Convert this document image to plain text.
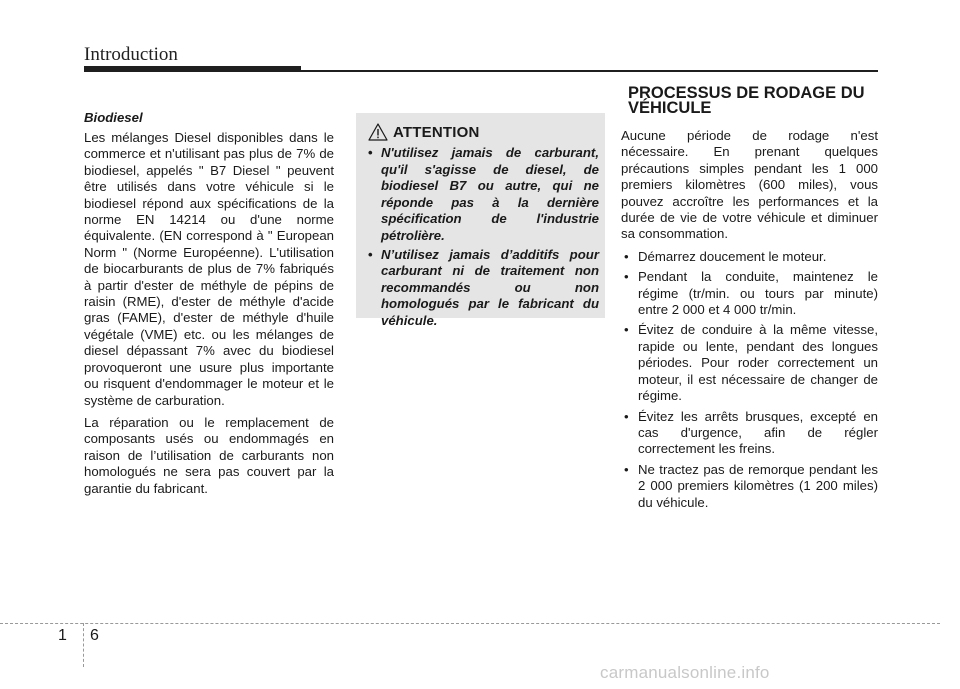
Introduction

Biodiesel

Les mélanges Diesel disponibles dans le commerce et n'utilisant pas plus de 7% de biodiesel, appelés " B7 Diesel " peuvent être utilisés dans votre véhicule si le biodiesel répond aux spécifications de la norme EN 14214 ou d'une norme équivalente. (EN correspond à " European Norm " (Norme Européenne). L'utilisation de biocarburants de plus de 7% fabriqués à partir d'ester de méthyle de pépins de raisin (RME), d'ester de méthyle d'acide gras (FAME), d'ester de méthyle d'huile végétale (VME) etc. ou les mélanges de diesel dépassant 7% avec du biodiesel provoqueront une usure plus importante ou risquent d'endommager le moteur et le système de carburation.

La réparation ou le remplacement de composants usés ou endommagés en raison de l’utilisation de carburants non homologués ne sera pas couvert par la garantie du fabricant.

ATTENTION
• N'utilisez jamais de carburant, qu'il s'agisse de diesel, de biodiesel B7 ou autre, qui ne réponde pas à la dernière spécification de l'industrie pétrolière.
• N’utilisez jamais d’additifs pour carburant ni de traitement non recommandés ou non homologués par le fabricant du véhicule.
PROCESSUS DE RODAGE DU VÉHICULE

Aucune période de rodage n'est nécessaire. En prenant quelques précautions simples pendant les 1 000 premiers kilomètres (600 miles), vous pouvez accroître les performances et la durée de vie de votre véhicule et diminuer sa consommation.

• Démarrez doucement le moteur.
• Pendant la conduite, maintenez le régime (tr/min. ou tours par minute) entre 2 000 et 4 000 tr/min.
• Évitez de conduire à la même vitesse, rapide ou lente, pendant des longues périodes. Pour roder correctement un moteur, il est nécessaire de changer de régime.
• Évitez les arrêts brusques, excepté en cas d'urgence, afin de régler correctement les freins.
• Ne tractez pas de remorque pendant les 2 000 premiers kilomètres (1 200 miles) du véhicule.
1 6
carmanualsonline.info
